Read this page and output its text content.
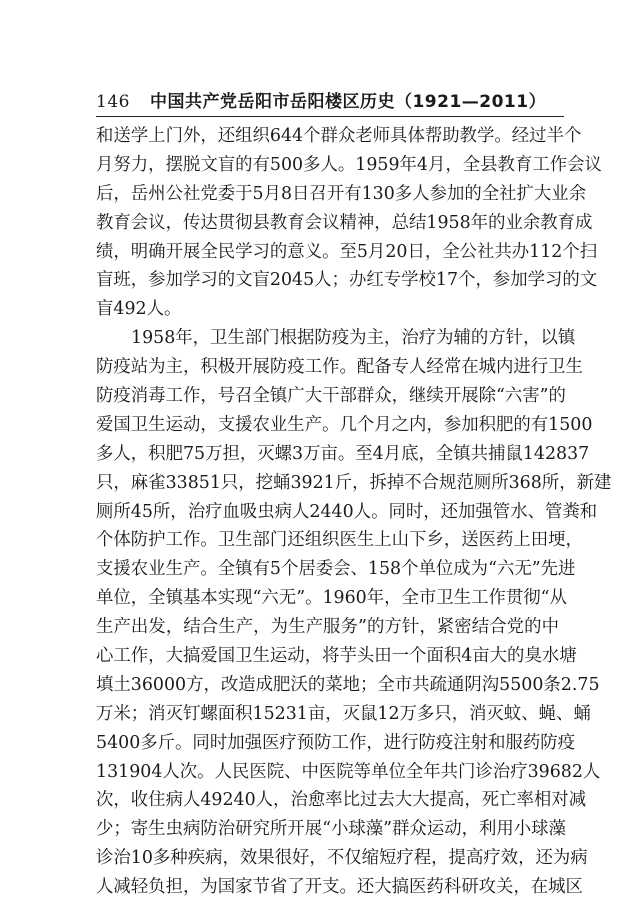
146 中国共产党岳阳市岳阳楼区历史（1921—2011）
和送学上门外，还组织644个群众老师具体帮助教学。经过半个
月努力，摆脱文盲的有500多人。1959年4月，全县教育工作会议
后，岳州公社党委于5月8日召开有130多人参加的全社扩大业余
教育会议，传达贯彻县教育会议精神，总结1958年的业余教育成
绩，明确开展全民学习的意义。至5月20日，全公社共办112个扫
盲班，参加学习的文盲2045人；办红专学校17个，参加学习的文
盲492人。
1958年，卫生部门根据防疫为主，治疗为辅的方针，以镇
防疫站为主，积极开展防疫工作。配备专人经常在城内进行卫生
防疫消毒工作，号召全镇广大干部群众，继续开展除“六害”的
爱国卫生运动，支援农业生产。几个月之内，参加积肥的有1500
多人，积肥75万担，灭螺3万亩。至4月底，全镇共捕鼠142837
只，麻雀33851只，挖蛹3921斤，拆掉不合规范厕所368所，新建
厕所45所，治疗血吸虫病人2440人。同时，还加强管水、管粪和
个体防护工作。卫生部门还组织医生上山下乡，送医药上田埂，
支援农业生产。全镇有5个居委会、158个单位成为“六无”先进
单位，全镇基本实现“六无”。1960年，全市卫生工作贯彻“从
生产出发，结合生产，为生产服务”的方针，紧密结合党的中
心工作，大搞爱国卫生运动，将芋头田一个面积4亩大的臭水塘
填土36000方，改造成肥沃的菜地；全市共疏通阴沟5500条2.75
万米；消灭钉螺面积15231亩，灭鼠12万多只，消灭蚊、蝇、蛹
5400多斤。同时加强医疗预防工作，进行防疫注射和服药防疫
131904人次。人民医院、中医院等单位全年共门诊治疗39682人
次，收住病人49240人，治愈率比过去大大提高，死亡率相对减
少；寄生虫病防治研究所开展“小球藻”群众运动，利用小球藻
诊治10多种疾病，效果很好，不仅缩短疗程，提高疗效，还为病
人减轻负担，为国家节省了开支。还大搞医药科研攻关，在城区
